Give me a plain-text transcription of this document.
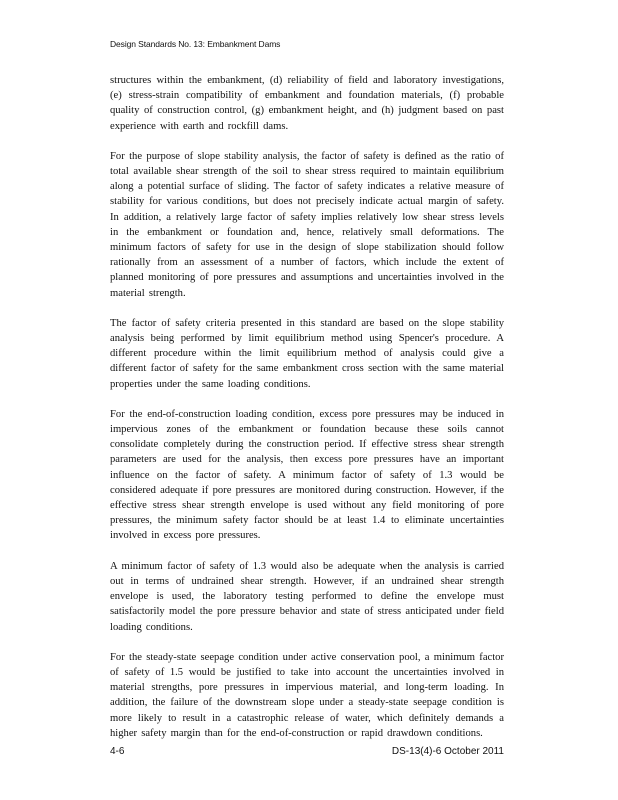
Design Standards No. 13: Embankment Dams

structures within the embankment, (d) reliability of field and laboratory investigations, (e) stress-strain compatibility of embankment and foundation materials, (f) probable quality of construction control, (g) embankment height, and (h) judgment based on past experience with earth and rockfill dams.

For the purpose of slope stability analysis, the factor of safety is defined as the ratio of total available shear strength of the soil to shear stress required to maintain equilibrium along a potential surface of sliding. The factor of safety indicates a relative measure of stability for various conditions, but does not precisely indicate actual margin of safety. In addition, a relatively large factor of safety implies relatively low shear stress levels in the embankment or foundation and, hence, relatively small deformations. The minimum factors of safety for use in the design of slope stabilization should follow rationally from an assessment of a number of factors, which include the extent of planned monitoring of pore pressures and assumptions and uncertainties involved in the material strength.

The factor of safety criteria presented in this standard are based on the slope stability analysis being performed by limit equilibrium method using Spencer's procedure. A different procedure within the limit equilibrium method of analysis could give a different factor of safety for the same embankment cross section with the same material properties under the same loading conditions.

For the end-of-construction loading condition, excess pore pressures may be induced in impervious zones of the embankment or foundation because these soils cannot consolidate completely during the construction period. If effective stress shear strength parameters are used for the analysis, then excess pore pressures have an important influence on the factor of safety. A minimum factor of safety of 1.3 would be considered adequate if pore pressures are monitored during construction. However, if the effective stress shear strength envelope is used without any field monitoring of pore pressures, the minimum safety factor should be at least 1.4 to eliminate uncertainties involved in excess pore pressures.

A minimum factor of safety of 1.3 would also be adequate when the analysis is carried out in terms of undrained shear strength. However, if an undrained shear strength envelope is used, the laboratory testing performed to define the envelope must satisfactorily model the pore pressure behavior and state of stress anticipated under field loading conditions.

For the steady-state seepage condition under active conservation pool, a minimum factor of safety of 1.5 would be justified to take into account the uncertainties involved in material strengths, pore pressures in impervious material, and long-term loading. In addition, the failure of the downstream slope under a steady-state seepage condition is more likely to result in a catastrophic release of water, which definitely demands a higher safety margin than for the end-of-construction or rapid drawdown conditions.

4-6	DS-13(4)-6 October 2011
